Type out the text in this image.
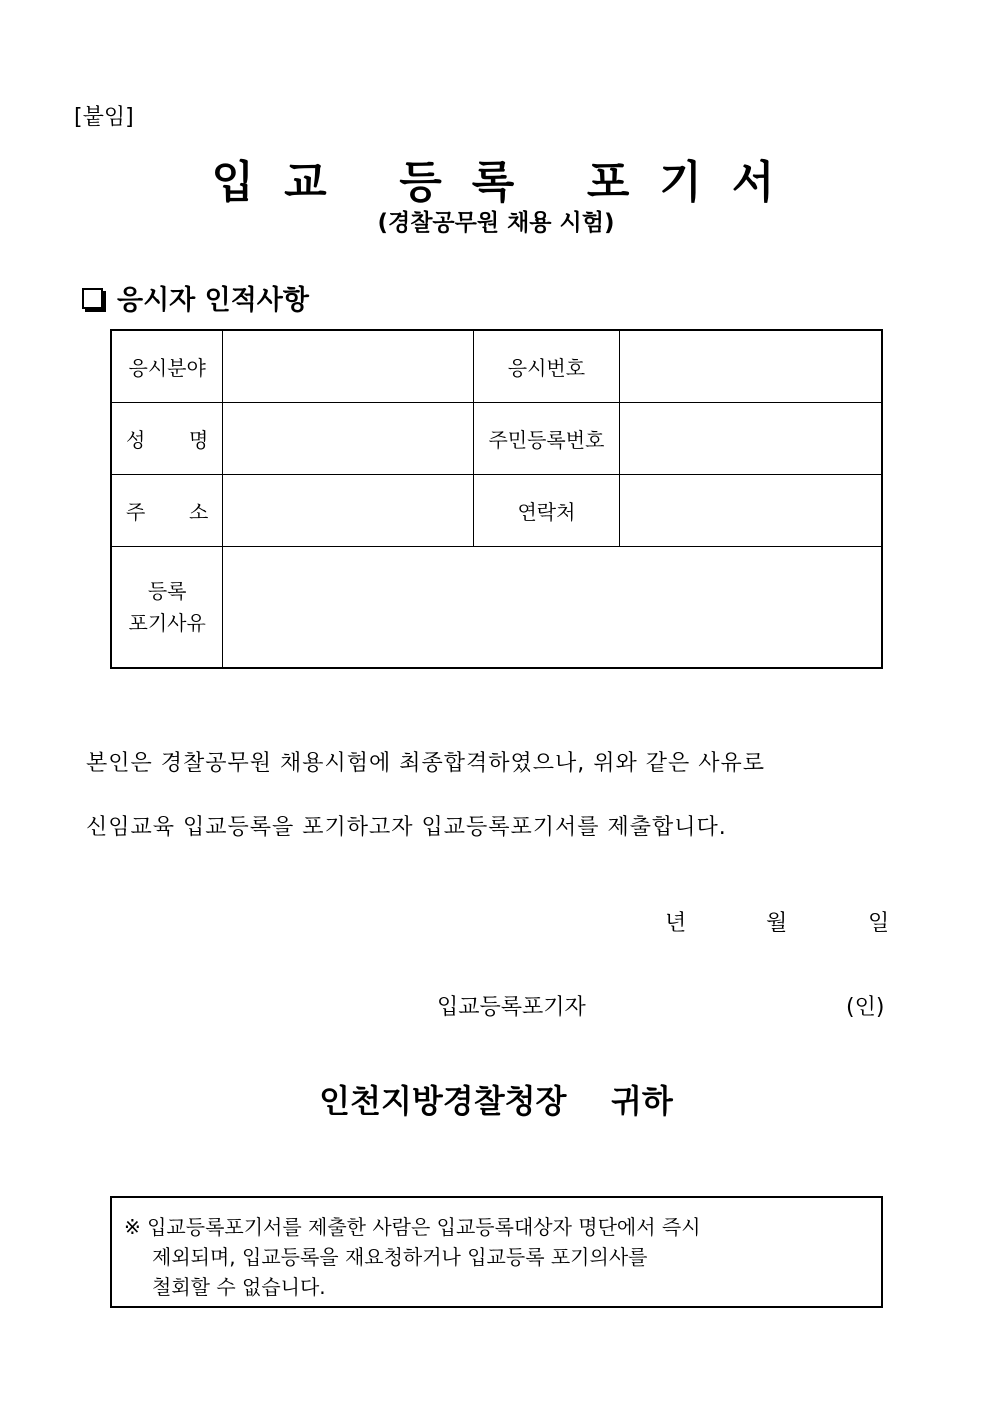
[붙임]
입 교 등 록 포 기 서
(경찰공무원 채용 시험)
응시자 인적사항
응시분야		응시번호	

성 명		주민등록번호	

주 소		연락처	

등록
포기사유			

본인은 경찰공무원 채용시험에 최종합격하였으나, 위와 같은 사유로
신임교육 입교등록을 포기하고자 입교등록포기서를 제출합니다.
년	월	일
입교등록포기자	(인)
인천지방경찰청장    귀하
※ 입교등록포기서를 제출한 사람은 입교등록대상자 명단에서 즉시
제외되며, 입교등록을 재요청하거나 입교등록 포기의사를
철회할 수 없습니다.
